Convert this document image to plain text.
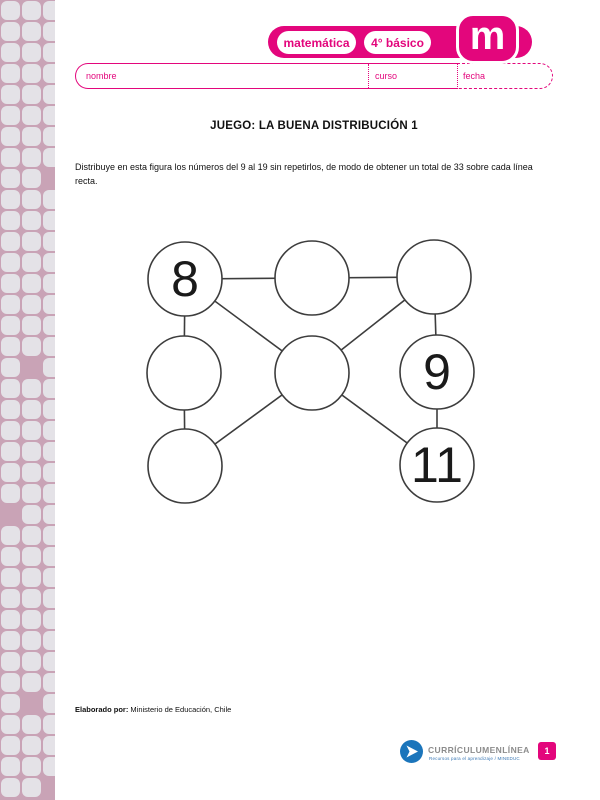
matemática	4° básico m
nombre	curso	fecha
JUEGO: LA BUENA DISTRIBUCIÓN 1

Distribuye en esta figura los números del 9 al 19 sin repetirlos, de modo de obtener un total de 33 sobre cada línea recta.

8
9
11

Elaborado por: Ministerio de Educación, Chile

CURRÍCULUMENLÍNEA
Recursos para el aprendizaje / MINEDUC
1
